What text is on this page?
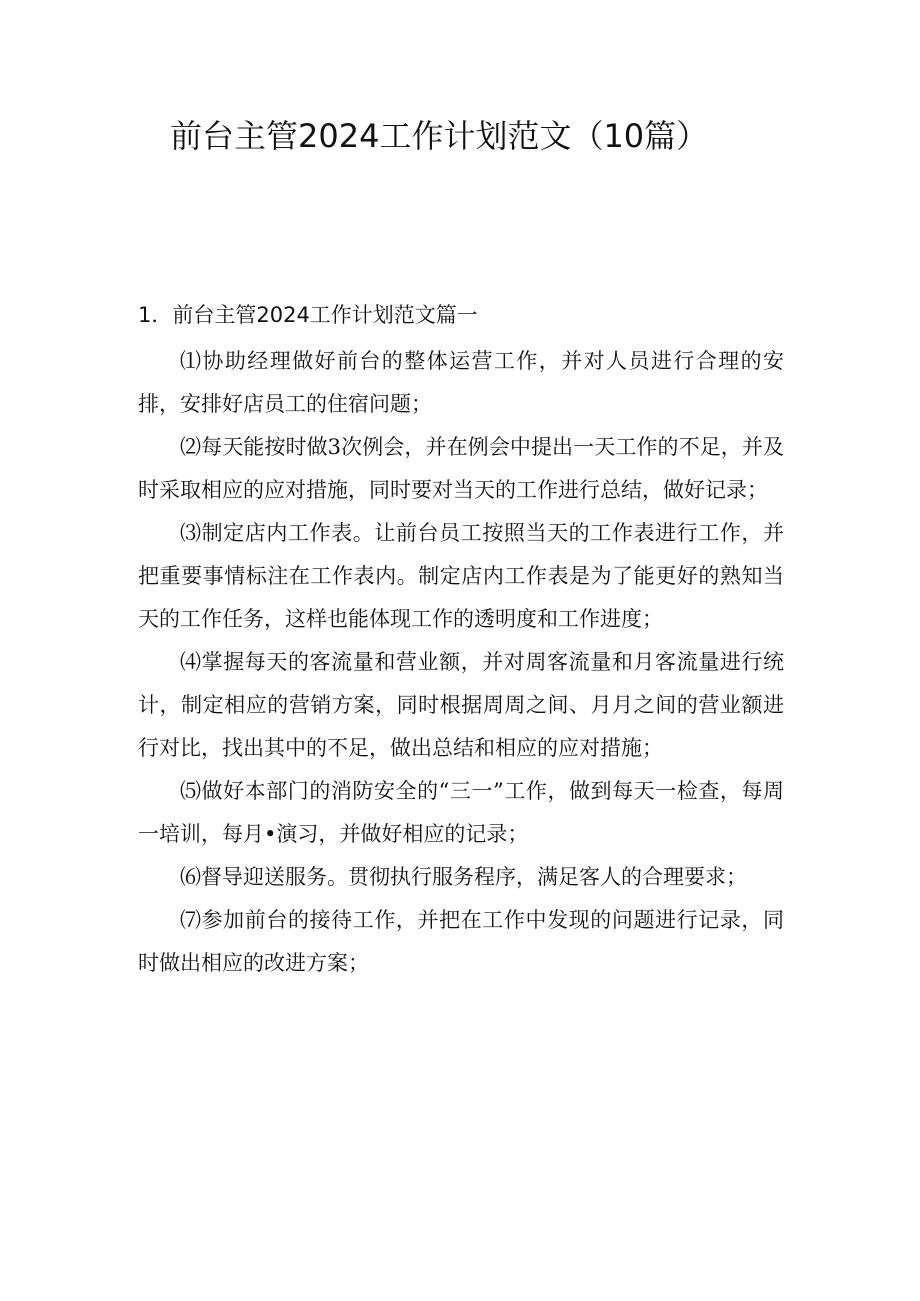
前台主管2024工作计划范文（10篇）
1．前台主管2024工作计划范文篇一

⑴协助经理做好前台的整体运营工作，并对人员进行合理的安排，安排好店员工的住宿问题；

⑵每天能按时做3次例会，并在例会中提出一天工作的不足，并及时采取相应的应对措施，同时要对当天的工作进行总结，做好记录；

⑶制定店内工作表。让前台员工按照当天的工作表进行工作，并把重要事情标注在工作表内。制定店内工作表是为了能更好的熟知当天的工作任务，这样也能体现工作的透明度和工作进度；

⑷掌握每天的客流量和营业额，并对周客流量和月客流量进行统计，制定相应的营销方案，同时根据周周之间、月月之间的营业额进行对比，找出其中的不足，做出总结和相应的应对措施；

⑸做好本部门的消防安全的“三一”工作，做到每天一检查，每周一培训，每月•演习，并做好相应的记录；

⑹督导迎送服务。贯彻执行服务程序，满足客人的合理要求；

⑺参加前台的接待工作，并把在工作中发现的问题进行记录，同时做出相应的改进方案；
